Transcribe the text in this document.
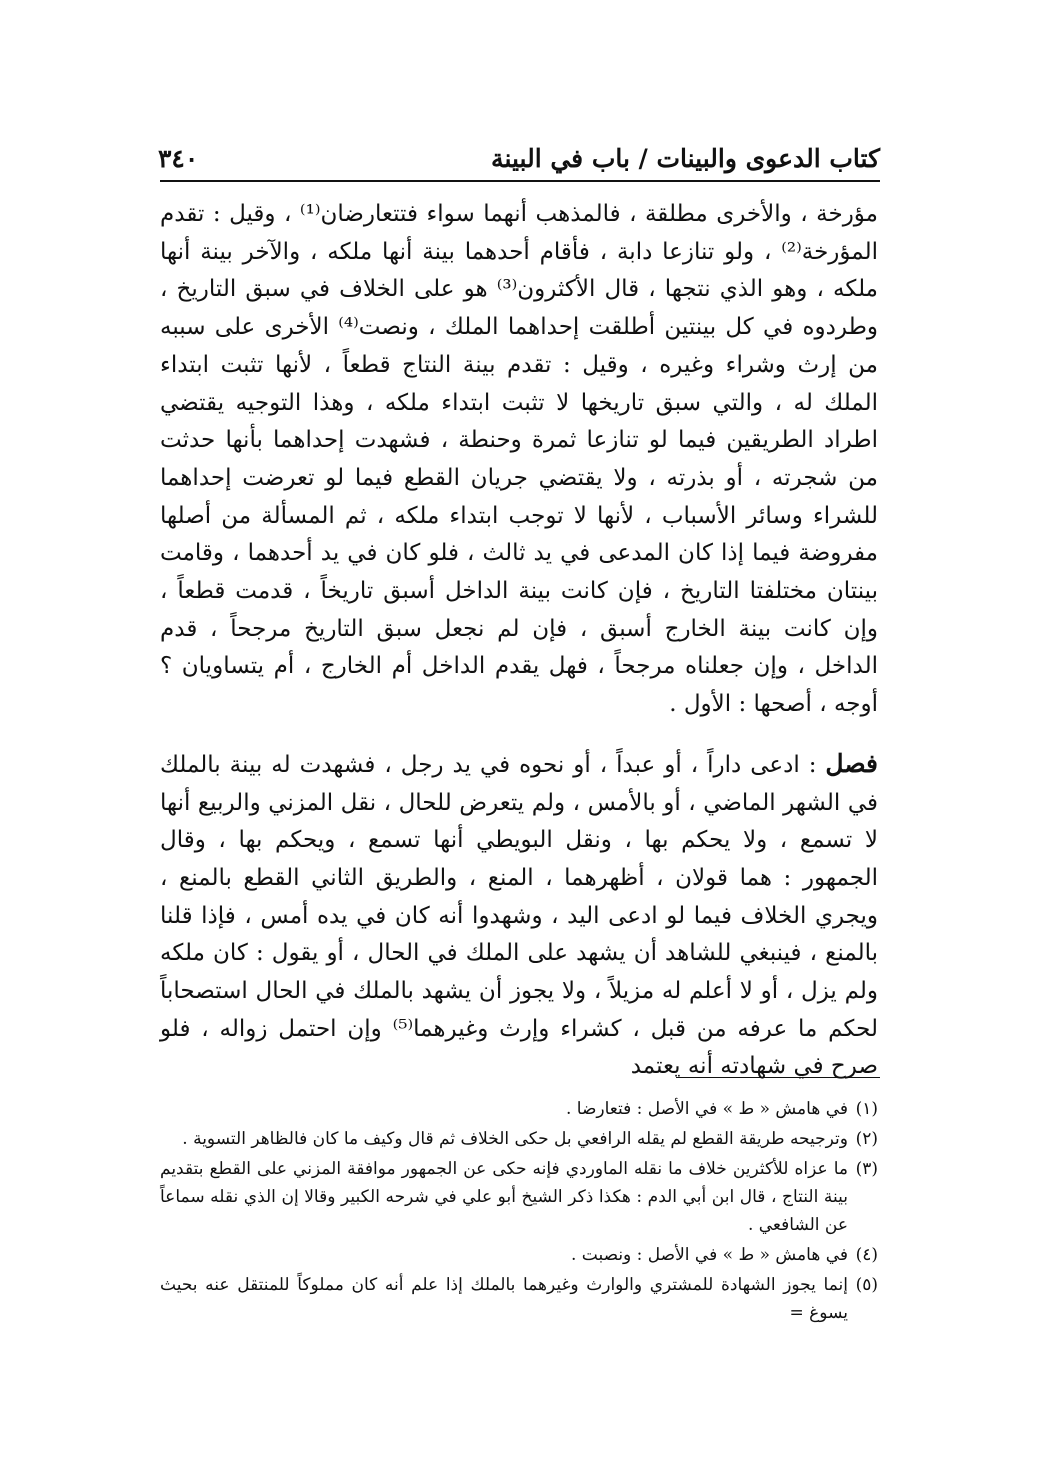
كتاب الدعوى والبينات / باب في البينة
٣٤٠

مؤرخة ، والأخرى مطلقة ، فالمذهب أنهما سواء فتتعارضان⁽¹⁾ ، وقيل : تقدم المؤرخة⁽²⁾ ، ولو تنازعا دابة ، فأقام أحدهما بينة أنها ملكه ، والآخر بينة أنها ملكه ، وهو الذي نتجها ، قال الأكثرون⁽³⁾ هو على الخلاف في سبق التاريخ ، وطردوه في كل بينتين أطلقت إحداهما الملك ، ونصت⁽⁴⁾ الأخرى على سببه من إرث وشراء وغيره ، وقيل : تقدم بينة النتاج قطعاً ، لأنها تثبت ابتداء الملك له ، والتي سبق تاريخها لا تثبت ابتداء ملكه ، وهذا التوجيه يقتضي اطراد الطريقين فيما لو تنازعا ثمرة وحنطة ، فشهدت إحداهما بأنها حدثت من شجرته ، أو بذرته ، ولا يقتضي جريان القطع فيما لو تعرضت إحداهما للشراء وسائر الأسباب ، لأنها لا توجب ابتداء ملكه ، ثم المسألة من أصلها مفروضة فيما إذا كان المدعى في يد ثالث ، فلو كان في يد أحدهما ، وقامت بينتان مختلفتا التاريخ ، فإن كانت بينة الداخل أسبق تاريخاً ، قدمت قطعاً ، وإن كانت بينة الخارج أسبق ، فإن لم نجعل سبق التاريخ مرجحاً ، قدم الداخل ، وإن جعلناه مرجحاً ، فهل يقدم الداخل أم الخارج ، أم يتساويان ؟ أوجه ، أصحها : الأول .

فصل : ادعى داراً ، أو عبداً ، أو نحوه في يد رجل ، فشهدت له بينة بالملك في الشهر الماضي ، أو بالأمس ، ولم يتعرض للحال ، نقل المزني والربيع أنها لا تسمع ، ولا يحكم بها ، ونقل البويطي أنها تسمع ، ويحكم بها ، وقال الجمهور : هما قولان ، أظهرهما ، المنع ، والطريق الثاني القطع بالمنع ، ويجري الخلاف فيما لو ادعى اليد ، وشهدوا أنه كان في يده أمس ، فإذا قلنا بالمنع ، فينبغي للشاهد أن يشهد على الملك في الحال ، أو يقول : كان ملكه ولم يزل ، أو لا أعلم له مزيلاً ، ولا يجوز أن يشهد بالملك في الحال استصحاباً لحكم ما عرفه من قبل ، كشراء وإرث وغيرهما⁽⁵⁾ وإن احتمل زواله ، فلو صرح في شهادته أنه يعتمد

(١)
في هامش « ط » في الأصل : فتعارضا .
(٢)
وترجيحه طريقة القطع لم يقله الرافعي بل حكى الخلاف ثم قال وكيف ما كان فالظاهر التسوية .
(٣)
ما عزاه للأكثرين خلاف ما نقله الماوردي فإنه حكى عن الجمهور موافقة المزني على القطع بتقديم بينة النتاج ، قال ابن أبي الدم : هكذا ذكر الشيخ أبو علي في شرحه الكبير وقالا إن الذي نقله سماعاً عن الشافعي .
(٤)
في هامش « ط » في الأصل : ونصبت .
(٥)
إنما يجوز الشهادة للمشتري والوارث وغيرهما بالملك إذا علم أنه كان مملوكاً للمنتقل عنه بحيث يسوغ =
